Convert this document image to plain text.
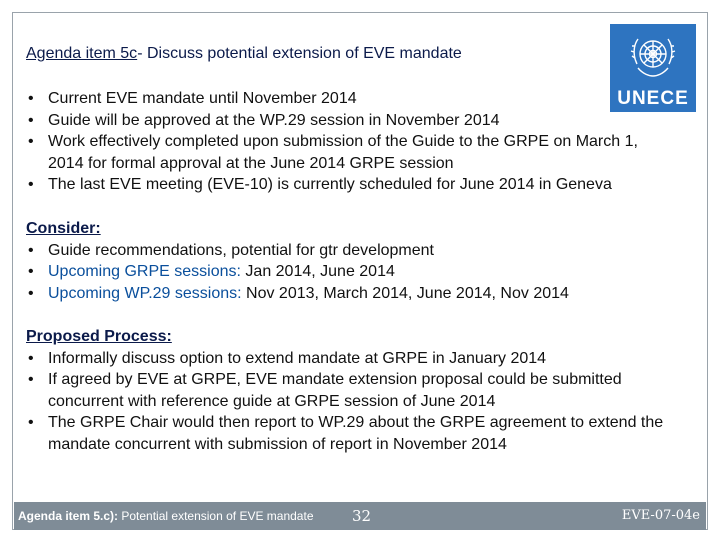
Agenda item 5c- Discuss potential extension of EVE mandate
UNECE
• Current EVE mandate until November 2014
• Guide will be approved at the WP.29 session in November 2014
• Work effectively completed upon submission of the Guide to the GRPE on March 1, 2014 for formal approval at the June 2014 GRPE session
• The last EVE meeting (EVE-10) is currently scheduled for June 2014 in Geneva
Consider:
• Guide recommendations, potential for gtr development
• Upcoming GRPE sessions: Jan 2014, June 2014
• Upcoming WP.29 sessions: Nov 2013, March 2014, June 2014, Nov 2014
Proposed Process:
• Informally discuss option to extend mandate at GRPE in January 2014
• If agreed by EVE at GRPE, EVE mandate extension proposal could be submitted concurrent with reference guide at GRPE session of June 2014
• The GRPE Chair would then report to WP.29 about the GRPE agreement to extend the mandate concurrent with submission of report in November 2014
Agenda item 5.c): Potential extension of EVE mandate	32	EVE-07-04e
